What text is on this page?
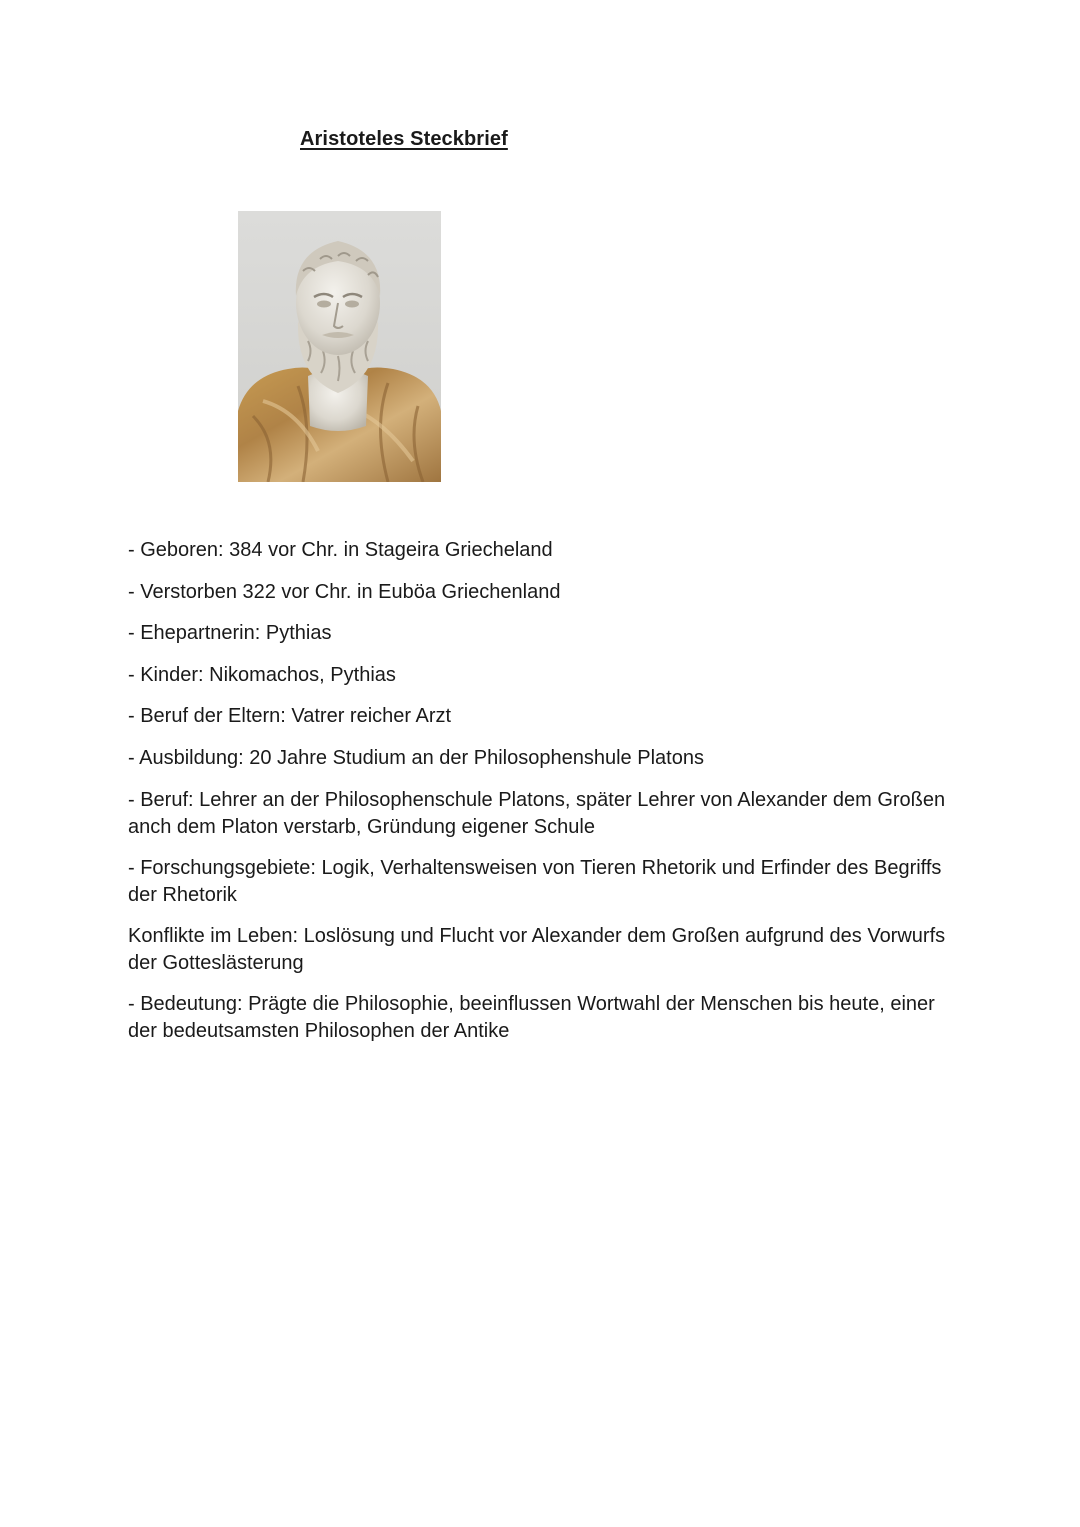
Aristoteles Steckbrief
- Geboren: 384 vor Chr. in Stageira Griecheland
- Verstorben 322 vor Chr. in Euböa Griechenland
- Ehepartnerin: Pythias
- Kinder: Nikomachos, Pythias
- Beruf der Eltern: Vatrer reicher Arzt
- Ausbildung: 20 Jahre Studium an der Philosophenshule Platons
- Beruf: Lehrer an der Philosophenschule Platons, später Lehrer von Alexander dem Großen anch dem Platon verstarb, Gründung eigener Schule
- Forschungsgebiete: Logik, Verhaltensweisen von Tieren Rhetorik und Erfinder des Begriffs der Rhetorik
Konflikte im Leben: Loslösung und Flucht vor Alexander dem Großen aufgrund des Vorwurfs der Gotteslästerung
- Bedeutung: Prägte die Philosophie, beeinflussen Wortwahl der Menschen bis heute, einer der bedeutsamsten Philosophen der Antike
